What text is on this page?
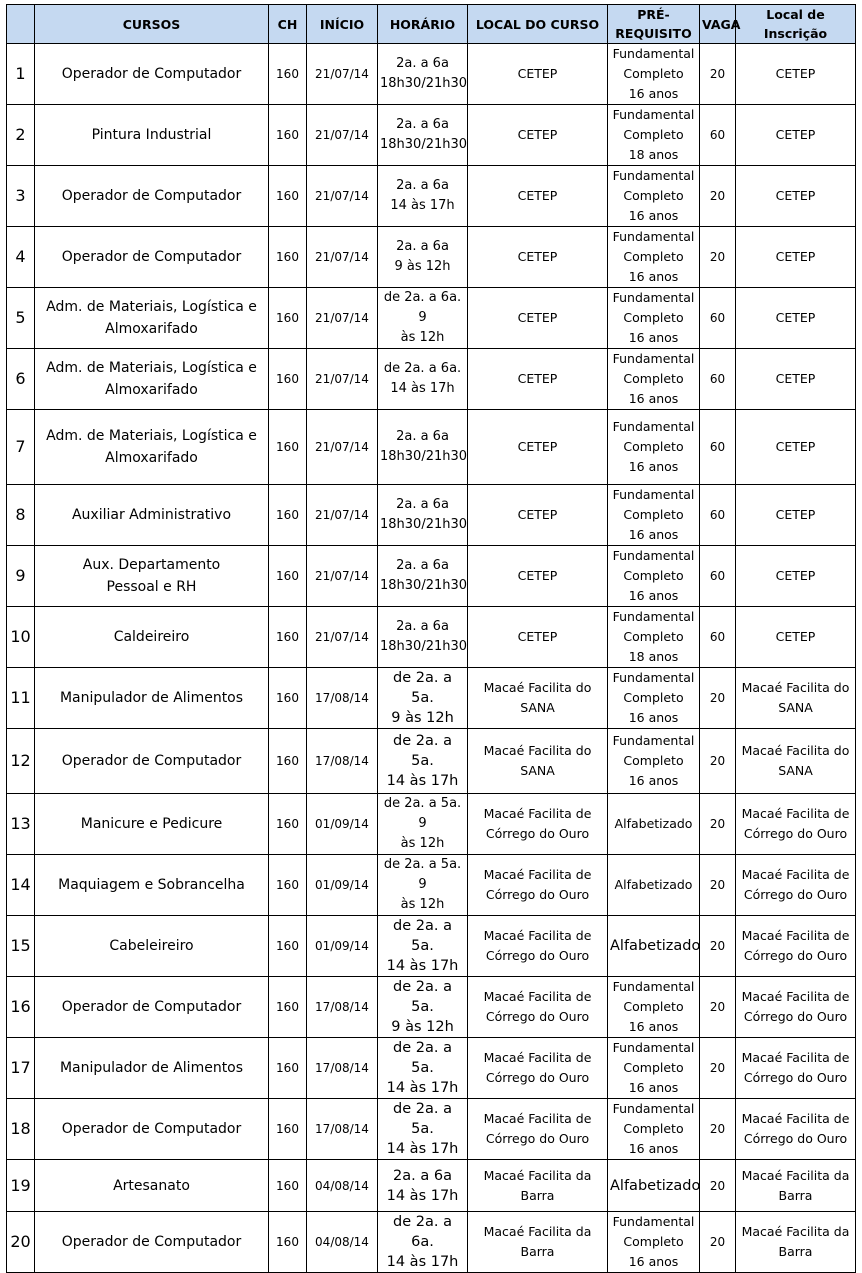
	CURSOS	CH	INÍCIO	HORÁRIO	LOCAL DO CURSO	PRÉ-REQUISITO	VAGA	Local de Inscrição
1	Operador de Computador	160	21/07/14	2a. a 6a
18h30/21h30	CETEP	Fundamental
Completo
16 anos	20	CETEP
2	Pintura Industrial	160	21/07/14	2a. a 6a
18h30/21h30	CETEP	Fundamental
Completo
18 anos	60	CETEP
3	Operador de Computador	160	21/07/14	2a. a 6a
14 às 17h	CETEP	Fundamental
Completo
16 anos	20	CETEP
4	Operador de Computador	160	21/07/14	2a. a 6a
9 às 12h	CETEP	Fundamental
Completo
16 anos	20	CETEP
5	Adm. de Materiais, Logística e
Almoxarifado	160	21/07/14	de 2a. a 6a. 9
às 12h	CETEP	Fundamental
Completo
16 anos	60	CETEP
6	Adm. de Materiais, Logística e
Almoxarifado	160	21/07/14	de 2a. a 6a.
14 às 17h	CETEP	Fundamental
Completo
16 anos	60	CETEP
7	Adm. de Materiais, Logística e
Almoxarifado	160	21/07/14	2a. a 6a
18h30/21h30	CETEP	Fundamental
Completo
16 anos	60	CETEP
8	Auxiliar Administrativo	160	21/07/14	2a. a 6a
18h30/21h30	CETEP	Fundamental
Completo
16 anos	60	CETEP
9	Aux. Departamento
Pessoal e RH	160	21/07/14	2a. a 6a
18h30/21h30	CETEP	Fundamental
Completo
16 anos	60	CETEP
10	Caldeireiro	160	21/07/14	2a. a 6a
18h30/21h30	CETEP	Fundamental
Completo
18 anos	60	CETEP
11	Manipulador de Alimentos	160	17/08/14	de 2a. a 5a.
9 às 12h	Macaé Facilita do
SANA	Fundamental
Completo
16 anos	20	Macaé Facilita do
SANA
12	Operador de Computador	160	17/08/14	de 2a. a 5a.
14 às 17h	Macaé Facilita do
SANA	Fundamental
Completo
16 anos	20	Macaé Facilita do
SANA
13	Manicure e Pedicure	160	01/09/14	de 2a. a 5a. 9
às 12h	Macaé Facilita de
Córrego do Ouro	Alfabetizado	20	Macaé Facilita de
Córrego do Ouro
14	Maquiagem e Sobrancelha	160	01/09/14	de 2a. a 5a. 9
às 12h	Macaé Facilita de
Córrego do Ouro	Alfabetizado	20	Macaé Facilita de
Córrego do Ouro
15	Cabeleireiro	160	01/09/14	de 2a. a 5a.
14 às 17h	Macaé Facilita de
Córrego do Ouro	Alfabetizado	20	Macaé Facilita de
Córrego do Ouro
16	Operador de Computador	160	17/08/14	de 2a. a 5a.
9 às 12h	Macaé Facilita de
Córrego do Ouro	Fundamental
Completo
16 anos	20	Macaé Facilita de
Córrego do Ouro
17	Manipulador de Alimentos	160	17/08/14	de 2a. a 5a.
14 às 17h	Macaé Facilita de
Córrego do Ouro	Fundamental
Completo
16 anos	20	Macaé Facilita de
Córrego do Ouro
18	Operador de Computador	160	17/08/14	de 2a. a 5a.
14 às 17h	Macaé Facilita de
Córrego do Ouro	Fundamental
Completo
16 anos	20	Macaé Facilita de
Córrego do Ouro
19	Artesanato	160	04/08/14	2a. a 6a
14 às 17h	Macaé Facilita da
Barra	Alfabetizado	20	Macaé Facilita da
Barra
20	Operador de Computador	160	04/08/14	de 2a. a 6a.
14 às 17h	Macaé Facilita da
Barra	Fundamental
Completo
16 anos	20	Macaé Facilita da
Barra
